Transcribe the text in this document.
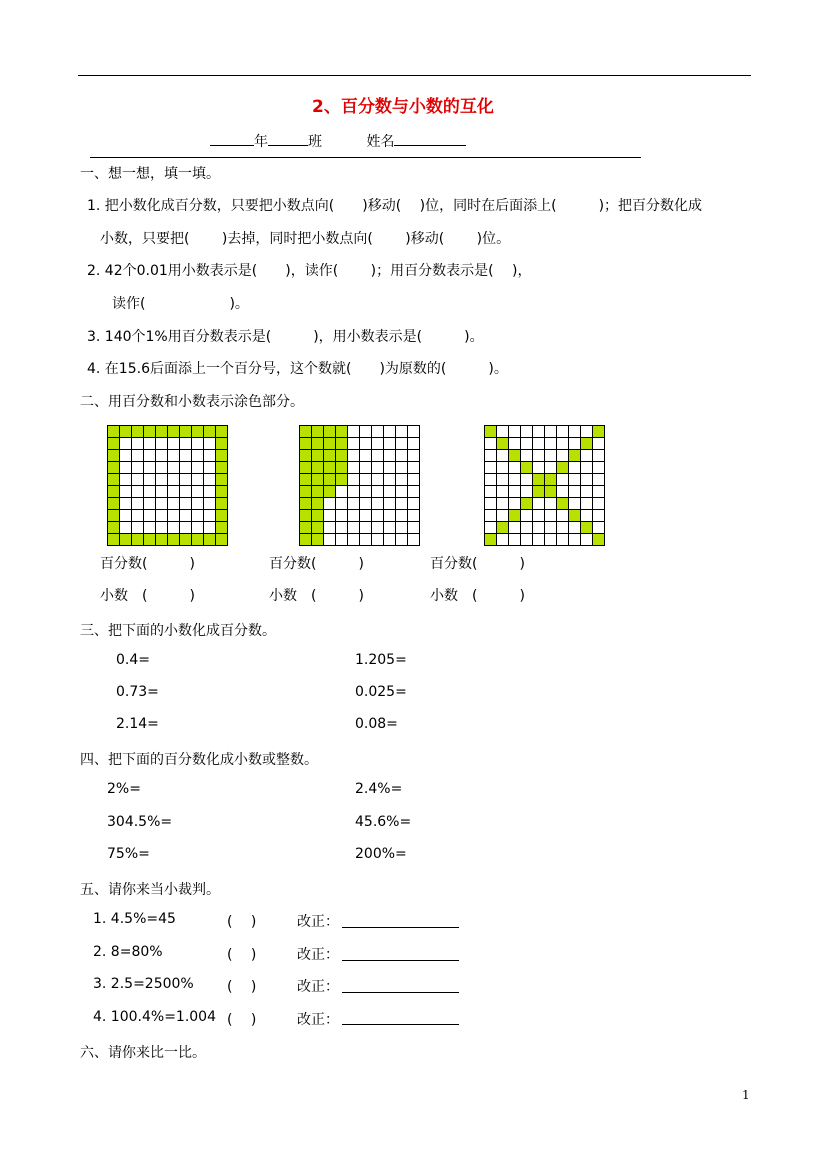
2、百分数与小数的互化
年	班	姓名
一、想一想，填一填。
1. 把小数化成百分数，只要把小数点向(　　)移动(　 )位，同时在后面添上(　　　)；把百分数化成
小数，只要把(　　 )去掉，同时把小数点向(　　 )移动(　　 )位。
2. 42个0.01用小数表示是(　　)，读作(　　 )；用百分数表示是(　 )，
读作(　　　　　　)。
3. 140个1%用百分数表示是(　　　)，用小数表示是(　　　)。
4. 在15.6后面添上一个百分号，这个数就(　　)为原数的(　　　)。
二、用百分数和小数表示涂色部分。
百分数(　　　)	百分数(　　　)	百分数(　　　)
小数　(　　　)	小数　(　　　)	小数　(　　　)
三、把下面的小数化成百分数。
0.4=	1.205=
0.73=	0.025=
2.14=	0.08=
四、把下面的百分数化成小数或整数。
2%=	2.4%=
304.5%=	45.6%=
75%=	200%=
五、请你来当小裁判。
1. 4.5%=45	(　 )	改正：
2. 8=80%	(　 )	改正：
3. 2.5=2500% (　 )	改正：
4. 100.4%=1.004 (　 )	改正：
六、请你来比一比。
1
